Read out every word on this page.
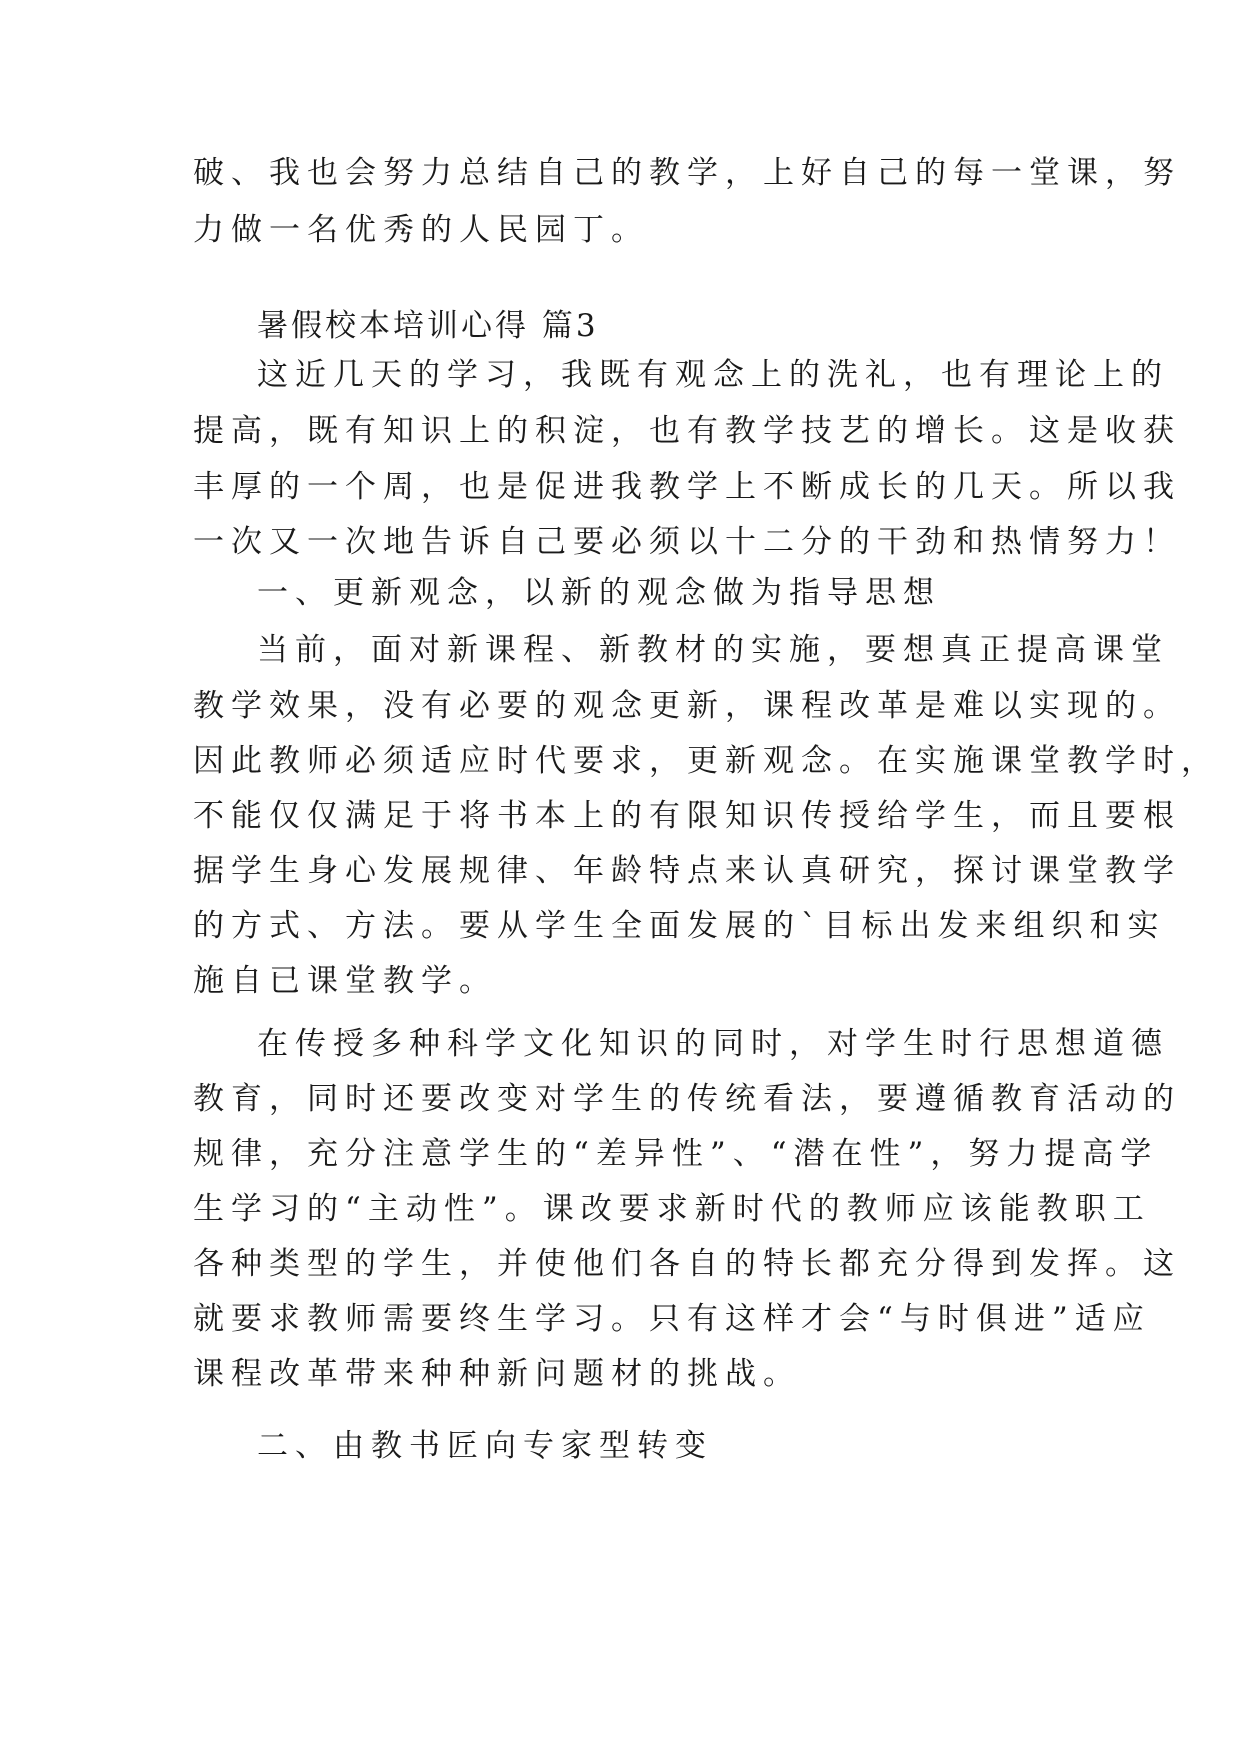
破、我也会努力总结自己的教学，上好自己的每一堂课，努
力做一名优秀的人民园丁。
暑假校本培训心得 篇3
这近几天的学习，我既有观念上的洗礼，也有理论上的
提高，既有知识上的积淀，也有教学技艺的增长。这是收获
丰厚的一个周，也是促进我教学上不断成长的几天。所以我
一次又一次地告诉自己要必须以十二分的干劲和热情努力！
一、更新观念，以新的观念做为指导思想
当前，面对新课程、新教材的实施，要想真正提高课堂
教学效果，没有必要的观念更新，课程改革是难以实现的。
因此教师必须适应时代要求，更新观念。在实施课堂教学时，
不能仅仅满足于将书本上的有限知识传授给学生，而且要根
据学生身心发展规律、年龄特点来认真研究，探讨课堂教学
的方式、方法。要从学生全面发展的`目标出发来组织和实
施自已课堂教学。
在传授多种科学文化知识的同时，对学生时行思想道德
教育，同时还要改变对学生的传统看法，要遵循教育活动的
规律，充分注意学生的“差异性”、“潜在性”，努力提高学
生学习的“主动性”。课改要求新时代的教师应该能教职工
各种类型的学生，并使他们各自的特长都充分得到发挥。这
就要求教师需要终生学习。只有这样才会“与时俱进”适应
课程改革带来种种新问题材的挑战。
二、由教书匠向专家型转变
